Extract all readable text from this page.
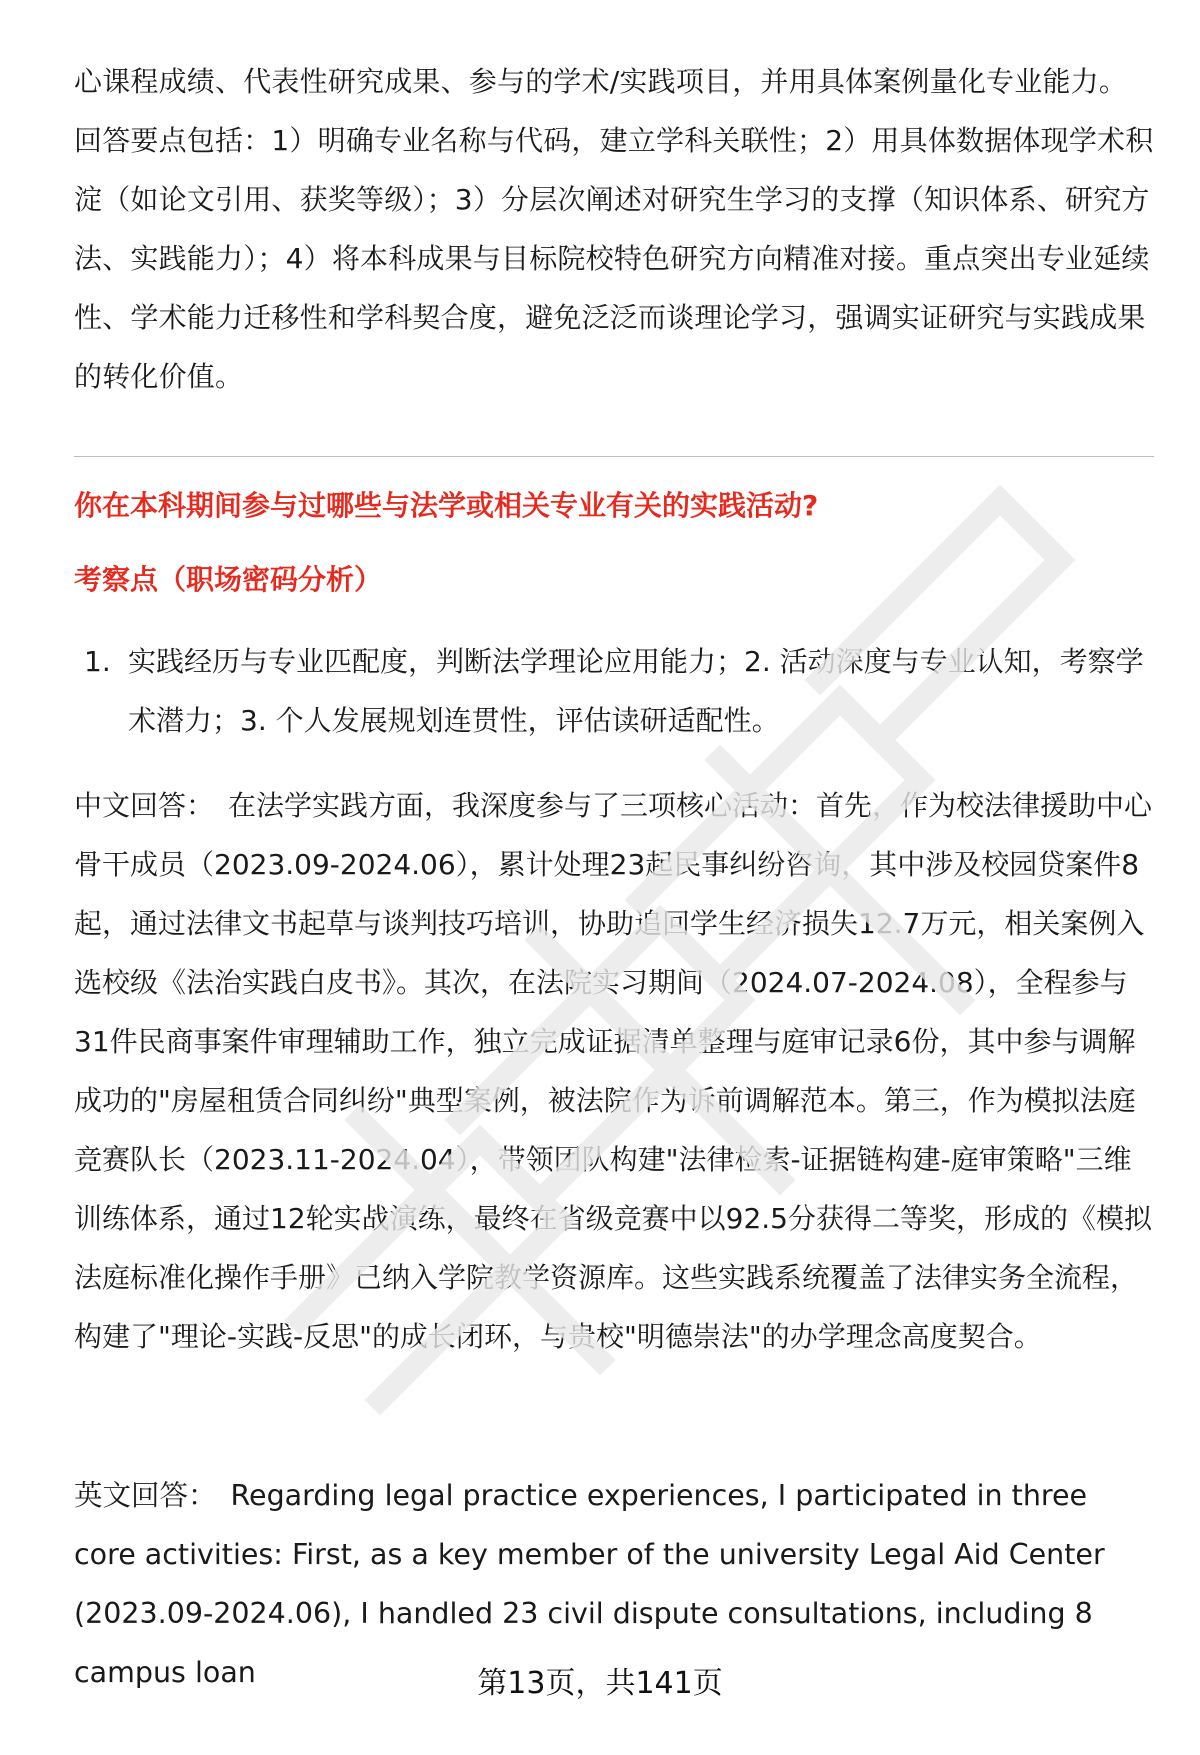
心课程成绩、代表性研究成果、参与的学术/实践项目，并用具体案例量化专业能力。回答要点包括：1）明确专业名称与代码，建立学科关联性；2）用具体数据体现学术积淀（如论文引用、获奖等级）；3）分层次阐述对研究生学习的支撑（知识体系、研究方法、实践能力）；4）将本科成果与目标院校特色研究方向精准对接。重点突出专业延续性、学术能力迁移性和学科契合度，避免泛泛而谈理论学习，强调实证研究与实践成果的转化价值。

你在本科期间参与过哪些与法学或相关专业有关的实践活动?
考察点（职场密码分析）
1. 实践经历与专业匹配度，判断法学理论应用能力；2. 活动深度与专业认知，考察学术潜力；3. 个人发展规划连贯性，评估读研适配性。
中文回答： 在法学实践方面，我深度参与了三项核心活动：首先，作为校法律援助中心骨干成员（2023.09-2024.06），累计处理23起民事纠纷咨询，其中涉及校园贷案件8起，通过法律文书起草与谈判技巧培训，协助追回学生经济损失12.7万元，相关案例入选校级《法治实践白皮书》。其次，在法院实习期间（2024.07-2024.08），全程参与31件民商事案件审理辅助工作，独立完成证据清单整理与庭审记录6份，其中参与调解成功的"房屋租赁合同纠纷"典型案例，被法院作为诉前调解范本。第三，作为模拟法庭竞赛队长（2023.11-2024.04），带领团队构建"法律检索-证据链构建-庭审策略"三维训练体系，通过12轮实战演练，最终在省级竞赛中以92.5分获得二等奖，形成的《模拟法庭标准化操作手册》已纳入学院教学资源库。这些实践系统覆盖了法律实务全流程，构建了"理论-实践-反思"的成长闭环，与贵校"明德崇法"的办学理念高度契合。
英文回答： Regarding legal practice experiences, I participated in three core activities: First, as a key member of the university Legal Aid Center (2023.09-2024.06), I handled 23 civil dispute consultations, including 8 campus loan	第13页，共141页
